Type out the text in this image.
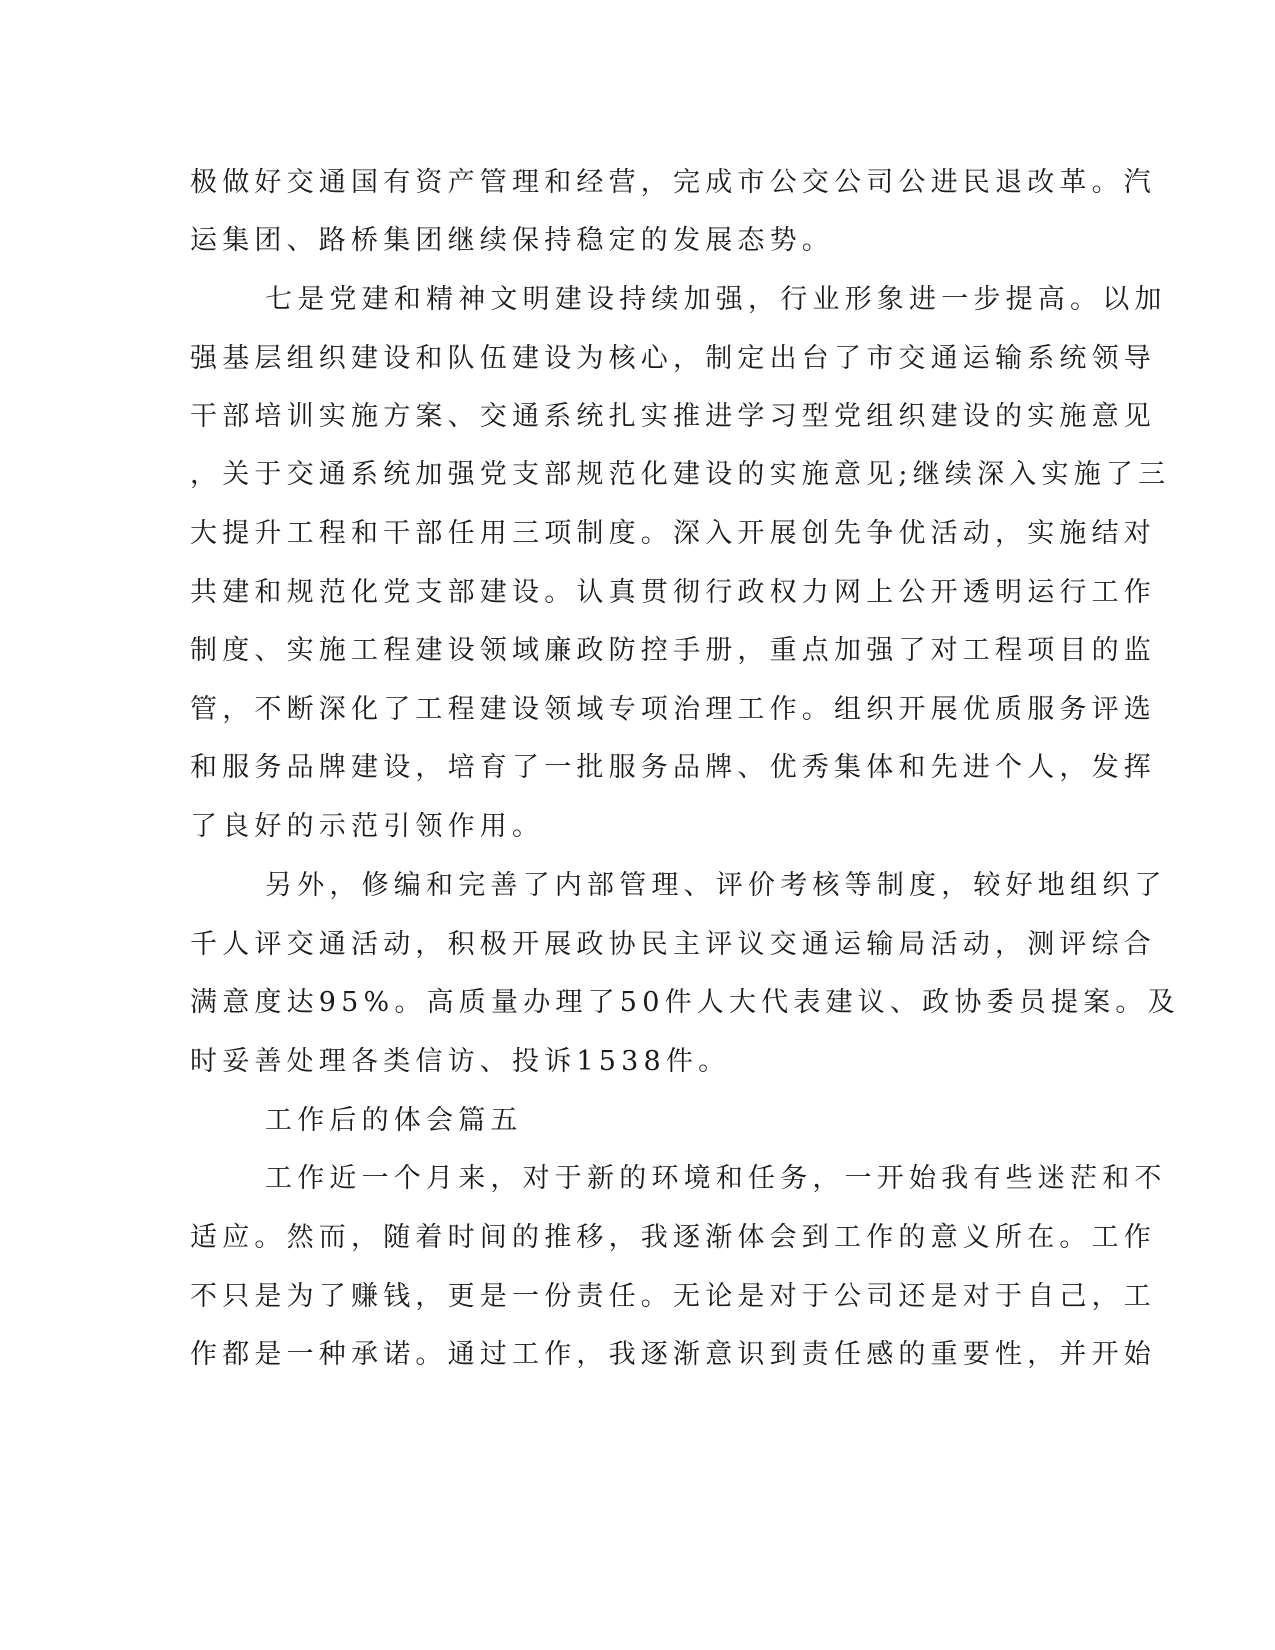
极做好交通国有资产管理和经营，完成市公交公司公进民退改革。汽
运集团、路桥集团继续保持稳定的发展态势。
七是党建和精神文明建设持续加强，行业形象进一步提高。以加
强基层组织建设和队伍建设为核心，制定出台了市交通运输系统领导
干部培训实施方案、交通系统扎实推进学习型党组织建设的实施意见
，关于交通系统加强党支部规范化建设的实施意见;继续深入实施了三
大提升工程和干部任用三项制度。深入开展创先争优活动，实施结对
共建和规范化党支部建设。认真贯彻行政权力网上公开透明运行工作
制度、实施工程建设领域廉政防控手册，重点加强了对工程项目的监
管，不断深化了工程建设领域专项治理工作。组织开展优质服务评选
和服务品牌建设，培育了一批服务品牌、优秀集体和先进个人，发挥
了良好的示范引领作用。
另外，修编和完善了内部管理、评价考核等制度，较好地组织了
千人评交通活动，积极开展政协民主评议交通运输局活动，测评综合
满意度达95%。高质量办理了50件人大代表建议、政协委员提案。及
时妥善处理各类信访、投诉1538件。
工作后的体会篇五
工作近一个月来，对于新的环境和任务，一开始我有些迷茫和不
适应。然而，随着时间的推移，我逐渐体会到工作的意义所在。工作
不只是为了赚钱，更是一份责任。无论是对于公司还是对于自己，工
作都是一种承诺。通过工作，我逐渐意识到责任感的重要性，并开始
